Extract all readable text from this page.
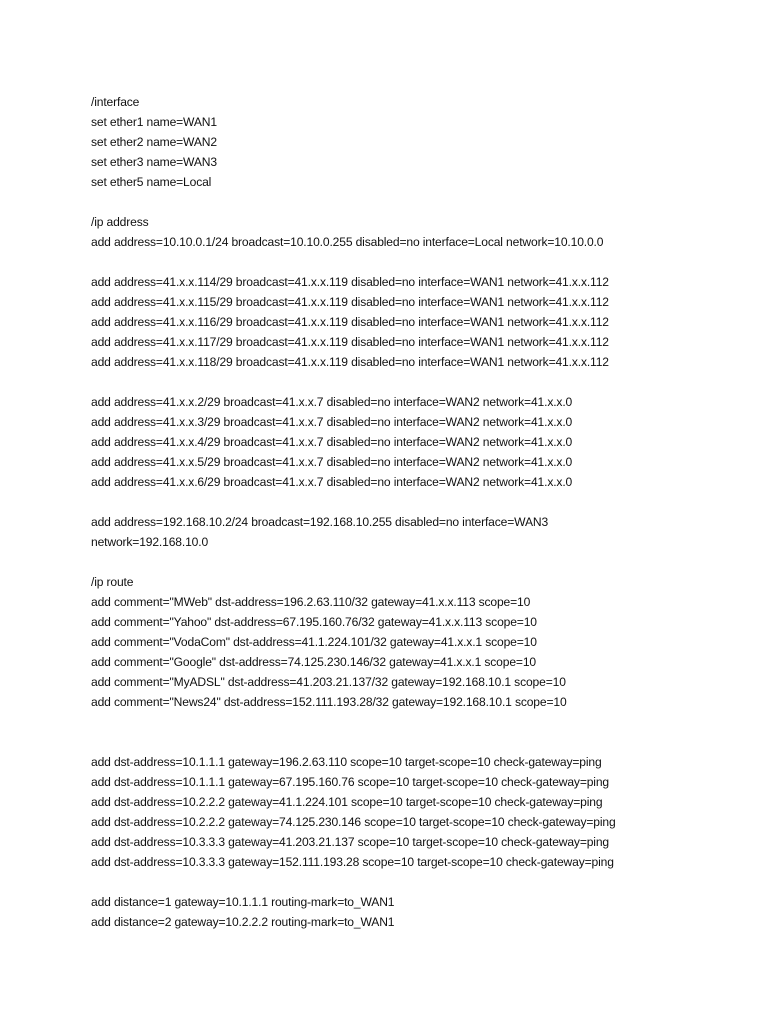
/interface
set ether1 name=WAN1
set ether2 name=WAN2
set ether3 name=WAN3
set ether5 name=Local
/ip address
add address=10.10.0.1/24 broadcast=10.10.0.255 disabled=no interface=Local network=10.10.0.0
add address=41.x.x.114/29 broadcast=41.x.x.119 disabled=no interface=WAN1 network=41.x.x.112
add address=41.x.x.115/29 broadcast=41.x.x.119 disabled=no interface=WAN1 network=41.x.x.112
add address=41.x.x.116/29 broadcast=41.x.x.119 disabled=no interface=WAN1 network=41.x.x.112
add address=41.x.x.117/29 broadcast=41.x.x.119 disabled=no interface=WAN1 network=41.x.x.112
add address=41.x.x.118/29 broadcast=41.x.x.119 disabled=no interface=WAN1 network=41.x.x.112
add address=41.x.x.2/29 broadcast=41.x.x.7 disabled=no interface=WAN2 network=41.x.x.0
add address=41.x.x.3/29 broadcast=41.x.x.7 disabled=no interface=WAN2 network=41.x.x.0
add address=41.x.x.4/29 broadcast=41.x.x.7 disabled=no interface=WAN2 network=41.x.x.0
add address=41.x.x.5/29 broadcast=41.x.x.7 disabled=no interface=WAN2 network=41.x.x.0
add address=41.x.x.6/29 broadcast=41.x.x.7 disabled=no interface=WAN2 network=41.x.x.0
add address=192.168.10.2/24 broadcast=192.168.10.255 disabled=no interface=WAN3
network=192.168.10.0
/ip route
add comment="MWeb" dst-address=196.2.63.110/32 gateway=41.x.x.113 scope=10
add comment="Yahoo" dst-address=67.195.160.76/32 gateway=41.x.x.113 scope=10
add comment="VodaCom" dst-address=41.1.224.101/32 gateway=41.x.x.1 scope=10
add comment="Google" dst-address=74.125.230.146/32 gateway=41.x.x.1 scope=10
add comment="MyADSL" dst-address=41.203.21.137/32 gateway=192.168.10.1 scope=10
add comment="News24" dst-address=152.111.193.28/32 gateway=192.168.10.1 scope=10
add dst-address=10.1.1.1 gateway=196.2.63.110 scope=10 target-scope=10 check-gateway=ping
add dst-address=10.1.1.1 gateway=67.195.160.76 scope=10 target-scope=10 check-gateway=ping
add dst-address=10.2.2.2 gateway=41.1.224.101 scope=10 target-scope=10 check-gateway=ping
add dst-address=10.2.2.2 gateway=74.125.230.146 scope=10 target-scope=10 check-gateway=ping
add dst-address=10.3.3.3 gateway=41.203.21.137 scope=10 target-scope=10 check-gateway=ping
add dst-address=10.3.3.3 gateway=152.111.193.28 scope=10 target-scope=10 check-gateway=ping
add distance=1 gateway=10.1.1.1 routing-mark=to_WAN1
add distance=2 gateway=10.2.2.2 routing-mark=to_WAN1
